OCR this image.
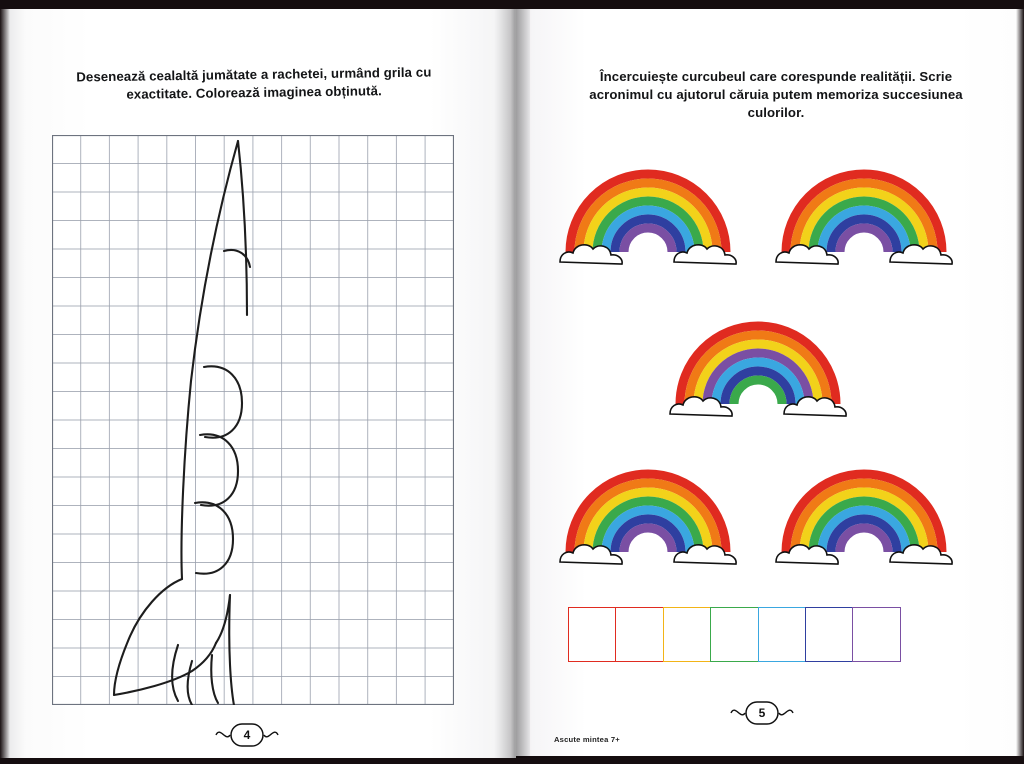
Desenează cealaltă jumătate a rachetei, urmând grila cu exactitate. Colorează imaginea obținută.
4
Încercuiește curcubeul care corespunde realității. Scrie acronimul cu ajutorul căruia putem memoriza succesiunea culorilor.
5
Ascute mintea 7+
